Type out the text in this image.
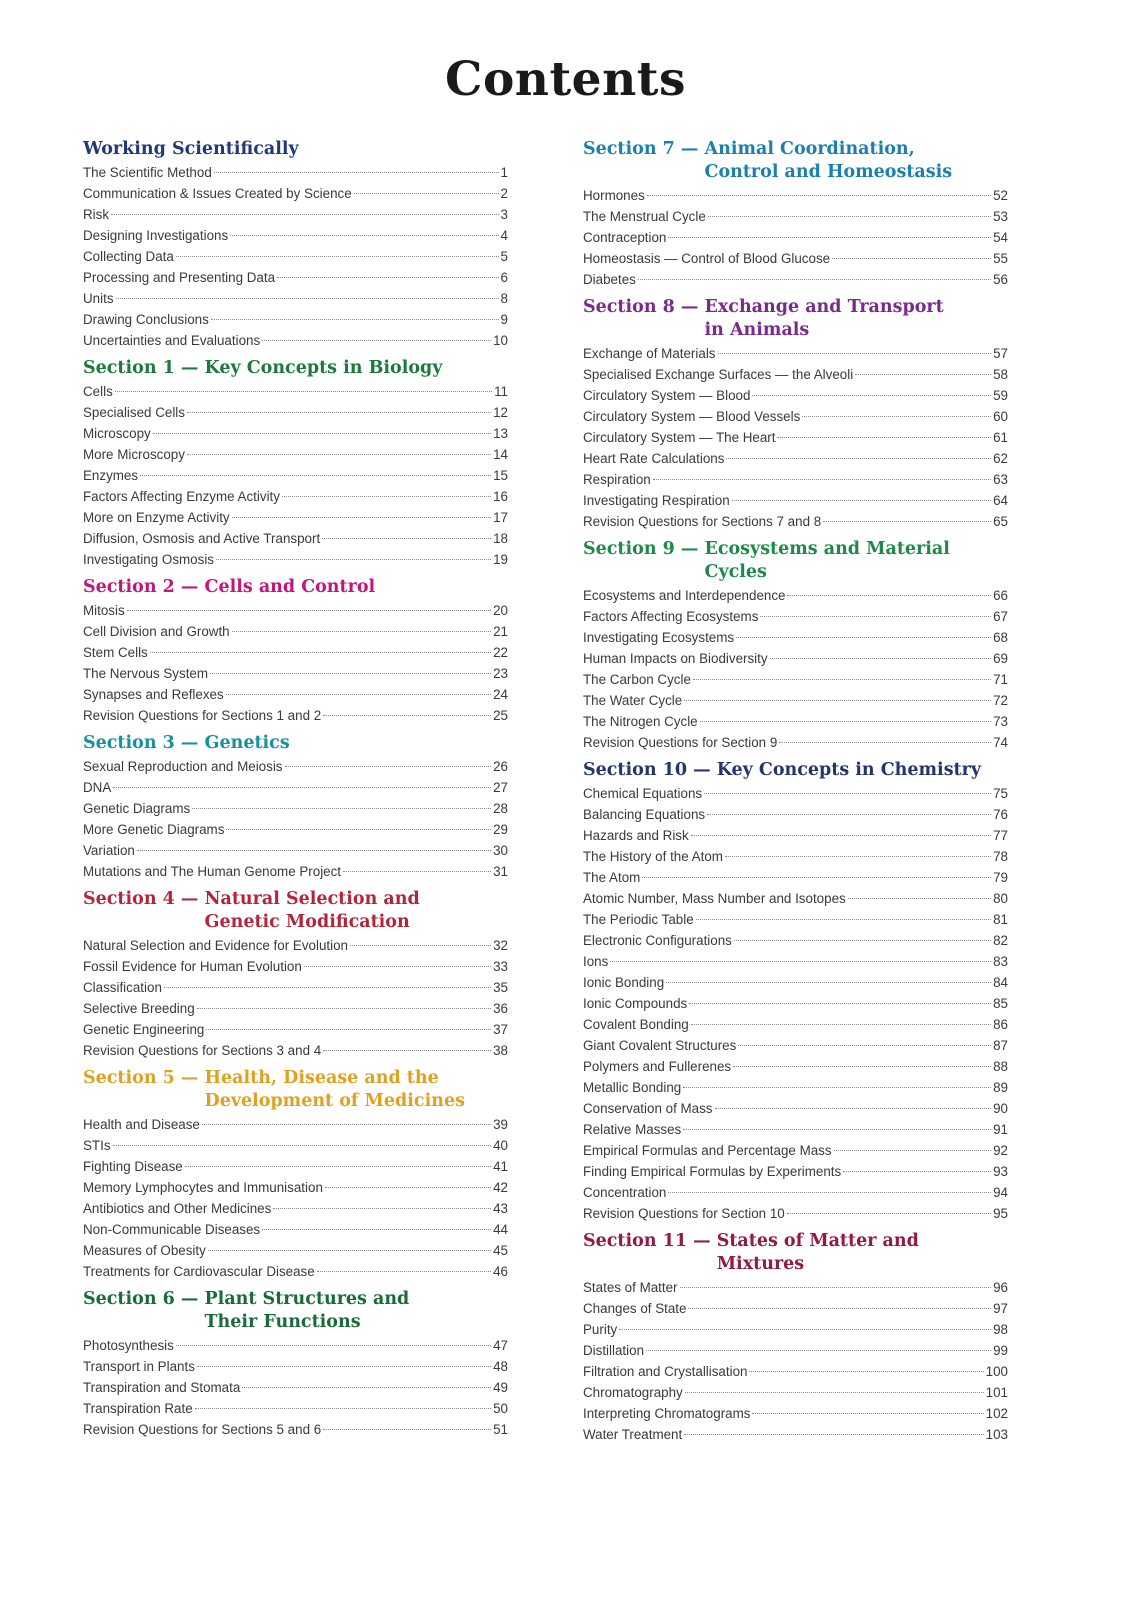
Contents
Working Scientifically
The Scientific Method	1
Communication & Issues Created by Science	2
Risk	3
Designing Investigations	4
Collecting Data	5
Processing and Presenting Data	6
Units	8
Drawing Conclusions	9
Uncertainties and Evaluations	10
Section 1 — Key Concepts in Biology
Cells	11
Specialised Cells	12
Microscopy	13
More Microscopy	14
Enzymes	15
Factors Affecting Enzyme Activity	16
More on Enzyme Activity	17
Diffusion, Osmosis and Active Transport	18
Investigating Osmosis	19
Section 2 — Cells and Control
Mitosis	20
Cell Division and Growth	21
Stem Cells	22
The Nervous System	23
Synapses and Reflexes	24
Revision Questions for Sections 1 and 2	25
Section 3 — Genetics
Sexual Reproduction and Meiosis	26
DNA	27
Genetic Diagrams	28
More Genetic Diagrams	29
Variation	30
Mutations and The Human Genome Project	31
Section 4 — Natural Selection and
Genetic Modification
Natural Selection and Evidence for Evolution	32
Fossil Evidence for Human Evolution	33
Classification	35
Selective Breeding	36
Genetic Engineering	37
Revision Questions for Sections 3 and 4	38
Section 5 — Health, Disease and the
Development of Medicines
Health and Disease	39
STIs	40
Fighting Disease	41
Memory Lymphocytes and Immunisation	42
Antibiotics and Other Medicines	43
Non-Communicable Diseases	44
Measures of Obesity	45
Treatments for Cardiovascular Disease	46
Section 6 — Plant Structures and
Their Functions
Photosynthesis	47
Transport in Plants	48
Transpiration and Stomata	49
Transpiration Rate	50
Revision Questions for Sections 5 and 6	51
Section 7 — Animal Coordination,
Control and Homeostasis
Hormones	52
The Menstrual Cycle	53
Contraception	54
Homeostasis — Control of Blood Glucose	55
Diabetes	56
Section 8 — Exchange and Transport
in Animals
Exchange of Materials	57
Specialised Exchange Surfaces — the Alveoli	58
Circulatory System — Blood	59
Circulatory System — Blood Vessels	60
Circulatory System — The Heart	61
Heart Rate Calculations	62
Respiration	63
Investigating Respiration	64
Revision Questions for Sections 7 and 8	65
Section 9 — Ecosystems and Material Cycles
Ecosystems and Interdependence	66
Factors Affecting Ecosystems	67
Investigating Ecosystems	68
Human Impacts on Biodiversity	69
The Carbon Cycle	71
The Water Cycle	72
The Nitrogen Cycle	73
Revision Questions for Section 9	74
Section 10 — Key Concepts in Chemistry
Chemical Equations	75
Balancing Equations	76
Hazards and Risk	77
The History of the Atom	78
The Atom	79
Atomic Number, Mass Number and Isotopes	80
The Periodic Table	81
Electronic Configurations	82
Ions	83
Ionic Bonding	84
Ionic Compounds	85
Covalent Bonding	86
Giant Covalent Structures	87
Polymers and Fullerenes	88
Metallic Bonding	89
Conservation of Mass	90
Relative Masses	91
Empirical Formulas and Percentage Mass	92
Finding Empirical Formulas by Experiments	93
Concentration	94
Revision Questions for Section 10	95
Section 11 — States of Matter and Mixtures
States of Matter	96
Changes of State	97
Purity	98
Distillation	99
Filtration and Crystallisation	100
Chromatography	101
Interpreting Chromatograms	102
Water Treatment	103
